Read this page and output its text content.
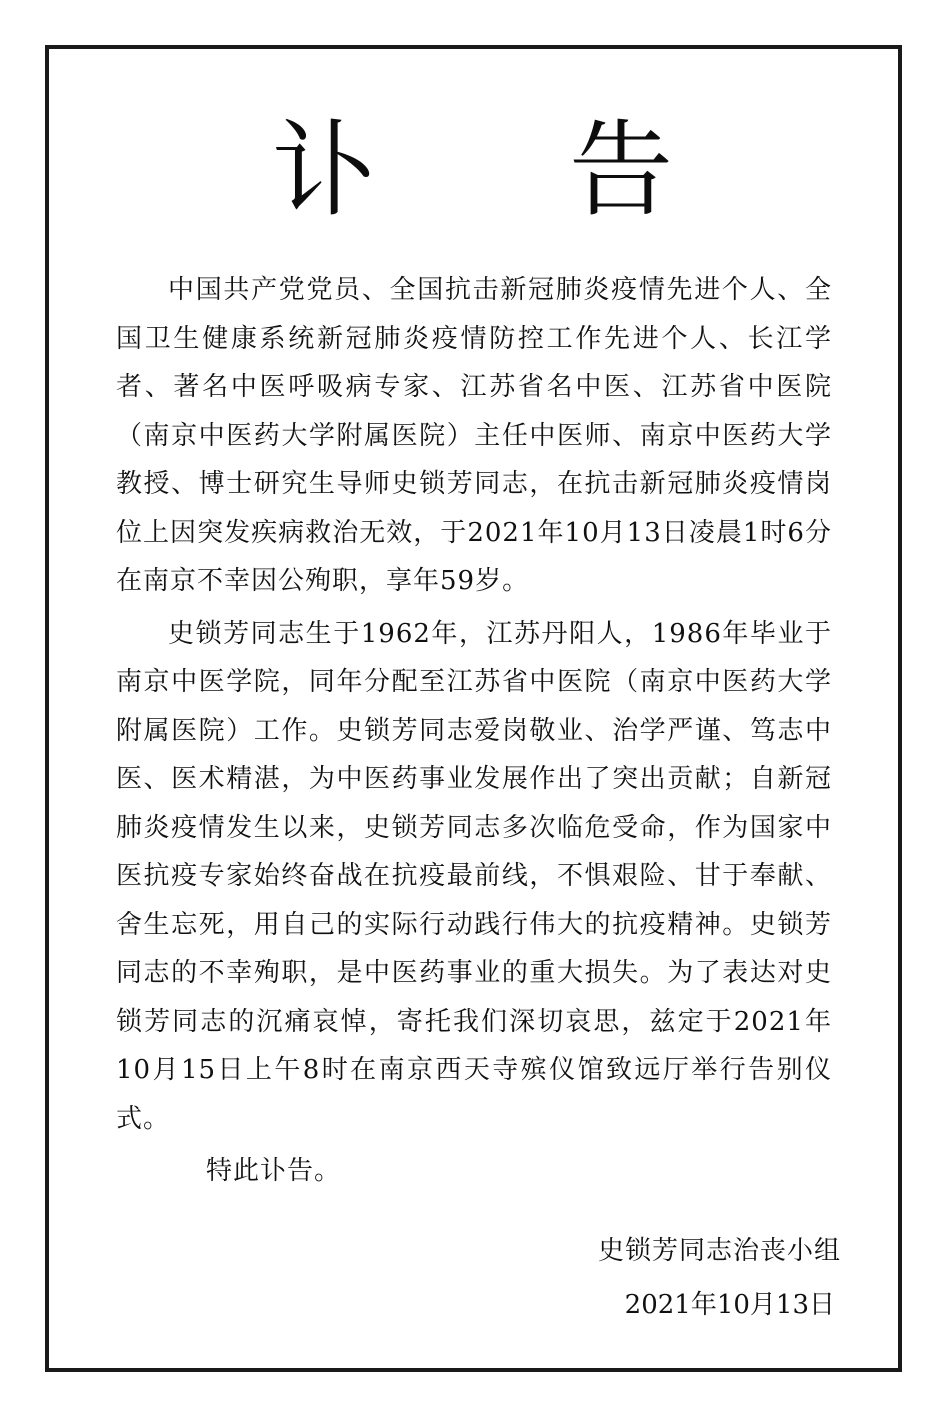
讣 告

中国共产党党员、全国抗击新冠肺炎疫情先进个人、全国卫生健康系统新冠肺炎疫情防控工作先进个人、长江学者、著名中医呼吸病专家、江苏省名中医、江苏省中医院（南京中医药大学附属医院）主任中医师、南京中医药大学教授、博士研究生导师史锁芳同志，在抗击新冠肺炎疫情岗位上因突发疾病救治无效，于2021年10月13日凌晨1时6分在南京不幸因公殉职，享年59岁。

史锁芳同志生于1962年，江苏丹阳人，1986年毕业于南京中医学院，同年分配至江苏省中医院（南京中医药大学附属医院）工作。史锁芳同志爱岗敬业、治学严谨、笃志中医、医术精湛，为中医药事业发展作出了突出贡献；自新冠肺炎疫情发生以来，史锁芳同志多次临危受命，作为国家中医抗疫专家始终奋战在抗疫最前线，不惧艰险、甘于奉献、舍生忘死，用自己的实际行动践行伟大的抗疫精神。史锁芳同志的不幸殉职，是中医药事业的重大损失。为了表达对史锁芳同志的沉痛哀悼，寄托我们深切哀思，兹定于2021年10月15日上午8时在南京西天寺殡仪馆致远厅举行告别仪式。

特此讣告。

史锁芳同志治丧小组
2021年10月13日
